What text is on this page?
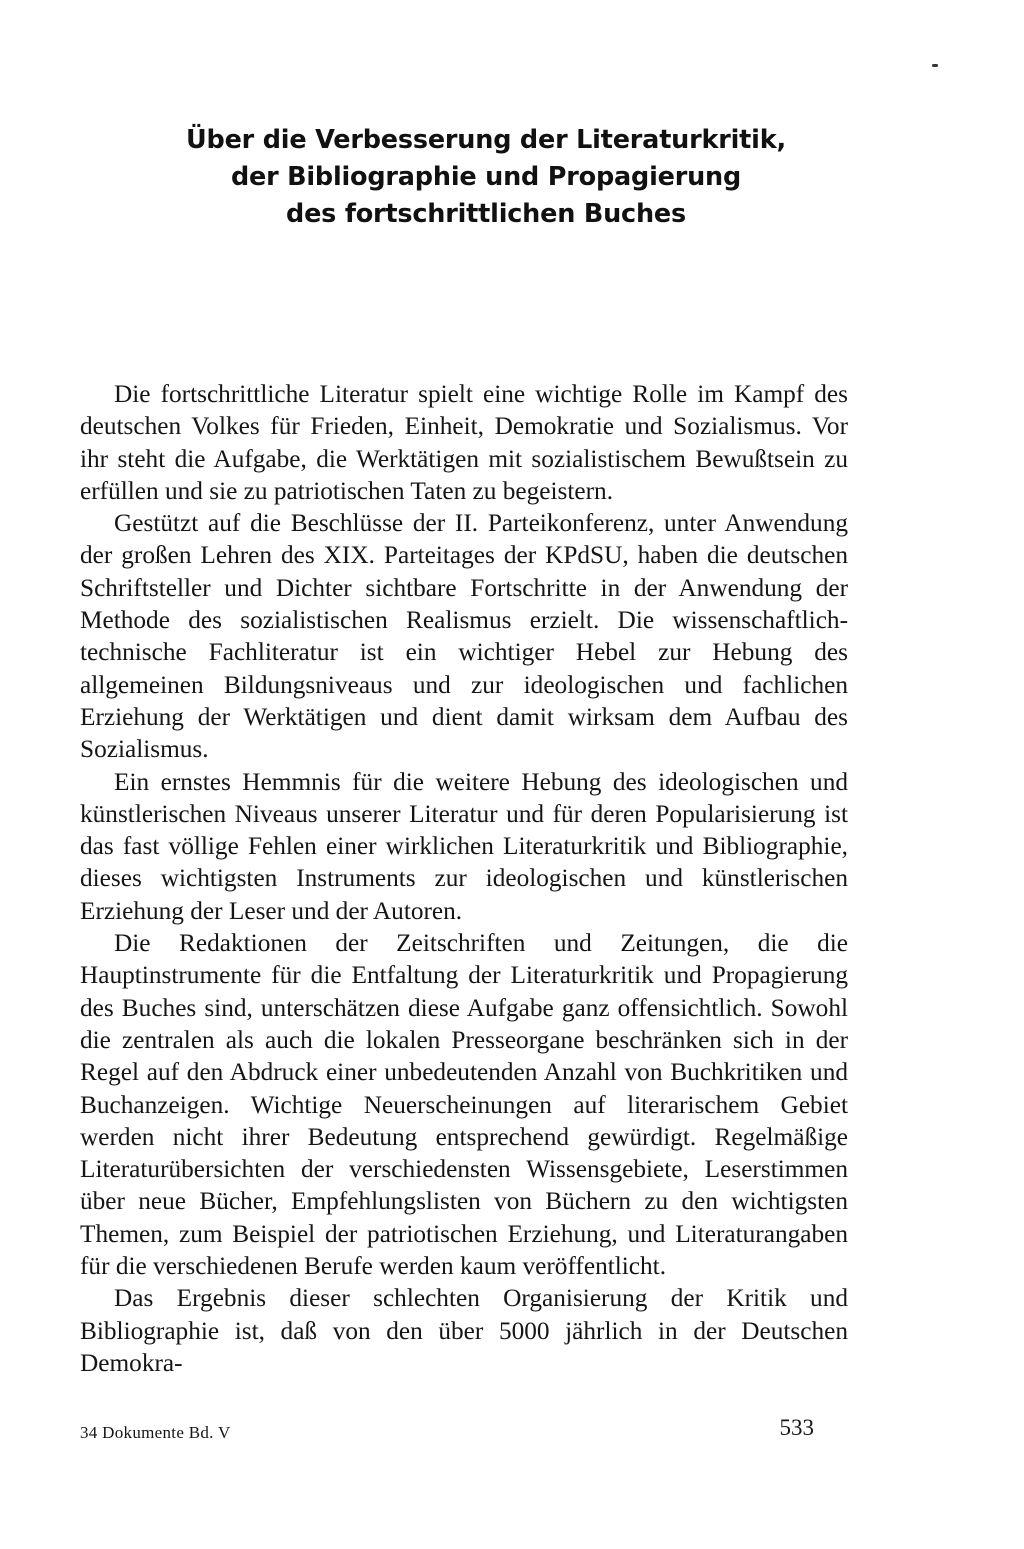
Über die Verbesserung der Literaturkritik,
der Bibliographie und Propagierung
des fortschrittlichen Buches

Die fortschrittliche Literatur spielt eine wichtige Rolle im Kampf des deutschen Volkes für Frieden, Einheit, Demokratie und Sozialismus. Vor ihr steht die Aufgabe, die Werktätigen mit sozialistischem Bewußtsein zu erfüllen und sie zu patriotischen Taten zu begeistern.

Gestützt auf die Beschlüsse der II. Parteikonferenz, unter Anwendung der großen Lehren des XIX. Parteitages der KPdSU, haben die deutschen Schriftsteller und Dichter sichtbare Fortschritte in der Anwendung der Methode des sozialistischen Realismus erzielt. Die wissenschaftlich-technische Fachliteratur ist ein wichtiger Hebel zur Hebung des allgemeinen Bildungsniveaus und zur ideologischen und fachlichen Erziehung der Werktätigen und dient damit wirksam dem Aufbau des Sozialismus.

Ein ernstes Hemmnis für die weitere Hebung des ideologischen und künstlerischen Niveaus unserer Literatur und für deren Popularisierung ist das fast völlige Fehlen einer wirklichen Literaturkritik und Bibliographie, dieses wichtigsten Instruments zur ideologischen und künstlerischen Erziehung der Leser und der Autoren.

Die Redaktionen der Zeitschriften und Zeitungen, die die Hauptinstrumente für die Entfaltung der Literaturkritik und Propagierung des Buches sind, unterschätzen diese Aufgabe ganz offensichtlich. Sowohl die zentralen als auch die lokalen Presseorgane beschränken sich in der Regel auf den Abdruck einer unbedeutenden Anzahl von Buchkritiken und Buchanzeigen. Wichtige Neuerscheinungen auf literarischem Gebiet werden nicht ihrer Bedeutung entsprechend gewürdigt. Regelmäßige Literaturübersichten der verschiedensten Wissensgebiete, Leserstimmen über neue Bücher, Empfehlungslisten von Büchern zu den wichtigsten Themen, zum Beispiel der patriotischen Erziehung, und Literaturangaben für die verschiedenen Berufe werden kaum veröffentlicht.

Das Ergebnis dieser schlechten Organisierung der Kritik und Bibliographie ist, daß von den über 5000 jährlich in der Deutschen Demokra-

34 Dokumente Bd. V	533
